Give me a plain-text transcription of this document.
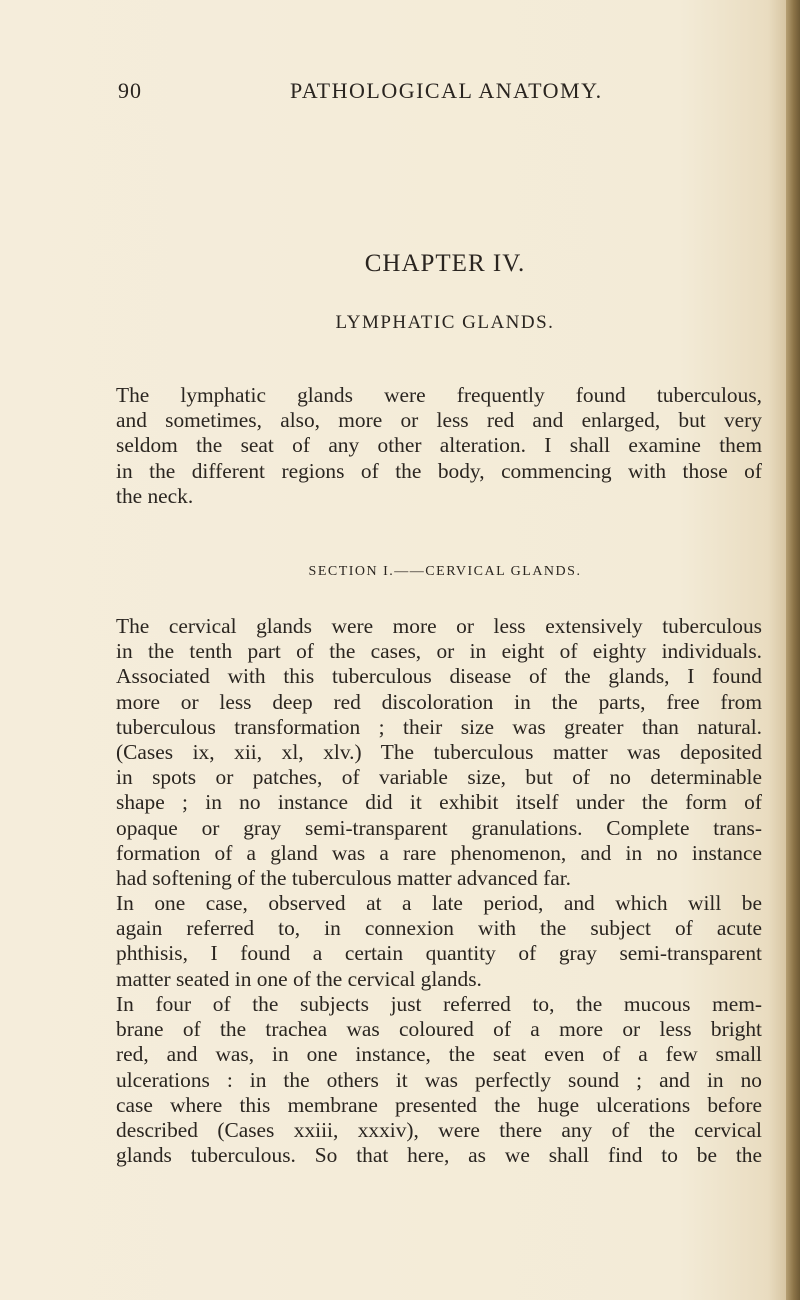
90	PATHOLOGICAL ANATOMY.
CHAPTER IV.
LYMPHATIC GLANDS.
The lymphatic glands were frequently found tuberculous,
and sometimes, also, more or less red and enlarged, but very
seldom the seat of any other alteration. I shall examine them
in the different regions of the body, commencing with those of
the neck.
SECTION I.——CERVICAL GLANDS.
The cervical glands were more or less extensively tuberculous
in the tenth part of the cases, or in eight of eighty individuals.
Associated with this tuberculous disease of the glands, I found
more or less deep red discoloration in the parts, free from
tuberculous transformation ; their size was greater than natural.
(Cases ix, xii, xl, xlv.) The tuberculous matter was deposited
in spots or patches, of variable size, but of no determinable
shape ; in no instance did it exhibit itself under the form of
opaque or gray semi-transparent granulations. Complete trans-
formation of a gland was a rare phenomenon, and in no instance
had softening of the tuberculous matter advanced far.
In one case, observed at a late period, and which will be
again referred to, in connexion with the subject of acute
phthisis, I found a certain quantity of gray semi-transparent
matter seated in one of the cervical glands.
In four of the subjects just referred to, the mucous mem-
brane of the trachea was coloured of a more or less bright
red, and was, in one instance, the seat even of a few small
ulcerations : in the others it was perfectly sound ; and in no
case where this membrane presented the huge ulcerations before
described (Cases xxiii, xxxiv), were there any of the cervical
glands tuberculous. So that here, as we shall find to be the
